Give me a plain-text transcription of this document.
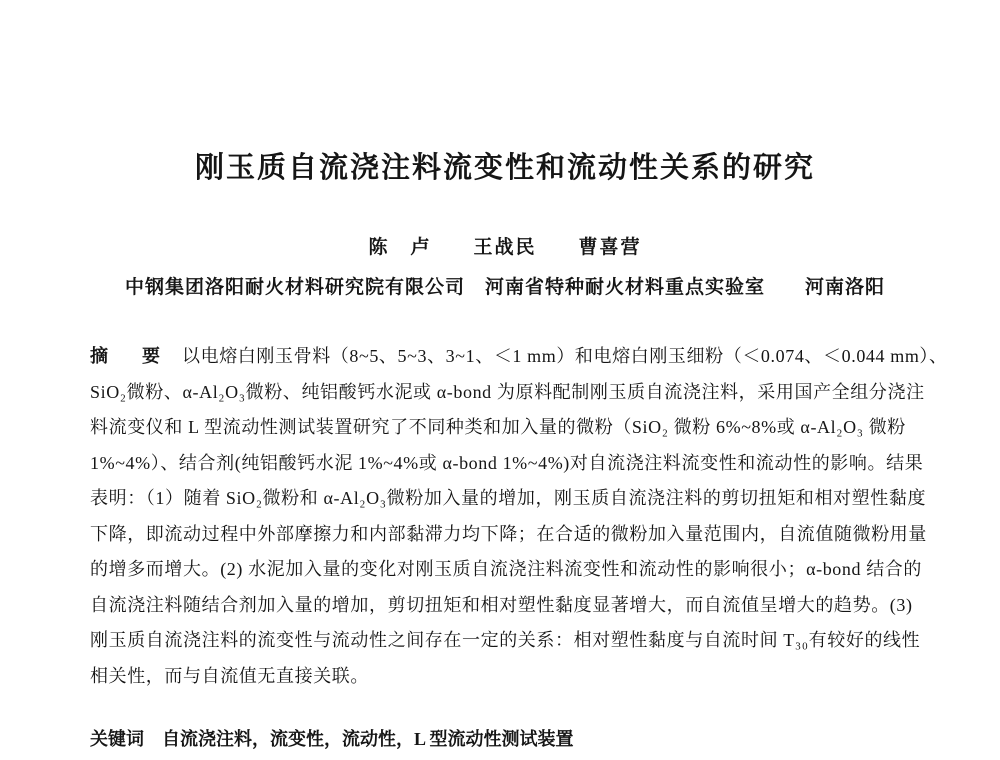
刚玉质自流浇注料流变性和流动性关系的研究
陈　卢　　王战民　　曹喜营
中钢集团洛阳耐火材料研究院有限公司　河南省特种耐火材料重点实验室　　河南洛阳
摘　要 以电熔白刚玉骨料（8~5、5~3、3~1、＜1 mm）和电熔白刚玉细粉（＜0.074、＜0.044 mm）、
SiO₂微粉、α-Al₂O₃微粉、纯铝酸钙水泥或 α-bond 为原料配制刚玉质自流浇注料，采用国产全组分浇注
料流变仪和 L 型流动性测试装置研究了不同种类和加入量的微粉（SiO₂ 微粉 6%~8%或 α-Al₂O₃ 微粉
1%~4%）、结合剂(纯铝酸钙水泥 1%~4%或 α-bond 1%~4%)对自流浇注料流变性和流动性的影响。结果
表明：（1）随着 SiO₂微粉和 α-Al₂O₃微粉加入量的增加，刚玉质自流浇注料的剪切扭矩和相对塑性黏度
下降，即流动过程中外部摩擦力和内部黏滞力均下降；在合适的微粉加入量范围内，自流值随微粉用量
的增多而增大。(2) 水泥加入量的变化对刚玉质自流浇注料流变性和流动性的影响很小；α-bond 结合的
自流浇注料随结合剂加入量的增加，剪切扭矩和相对塑性黏度显著增大，而自流值呈增大的趋势。(3)
刚玉质自流浇注料的流变性与流动性之间存在一定的关系：相对塑性黏度与自流时间 T₃₀有较好的线性
相关性，而与自流值无直接关联。
关键词 自流浇注料，流变性，流动性，L 型流动性测试装置
